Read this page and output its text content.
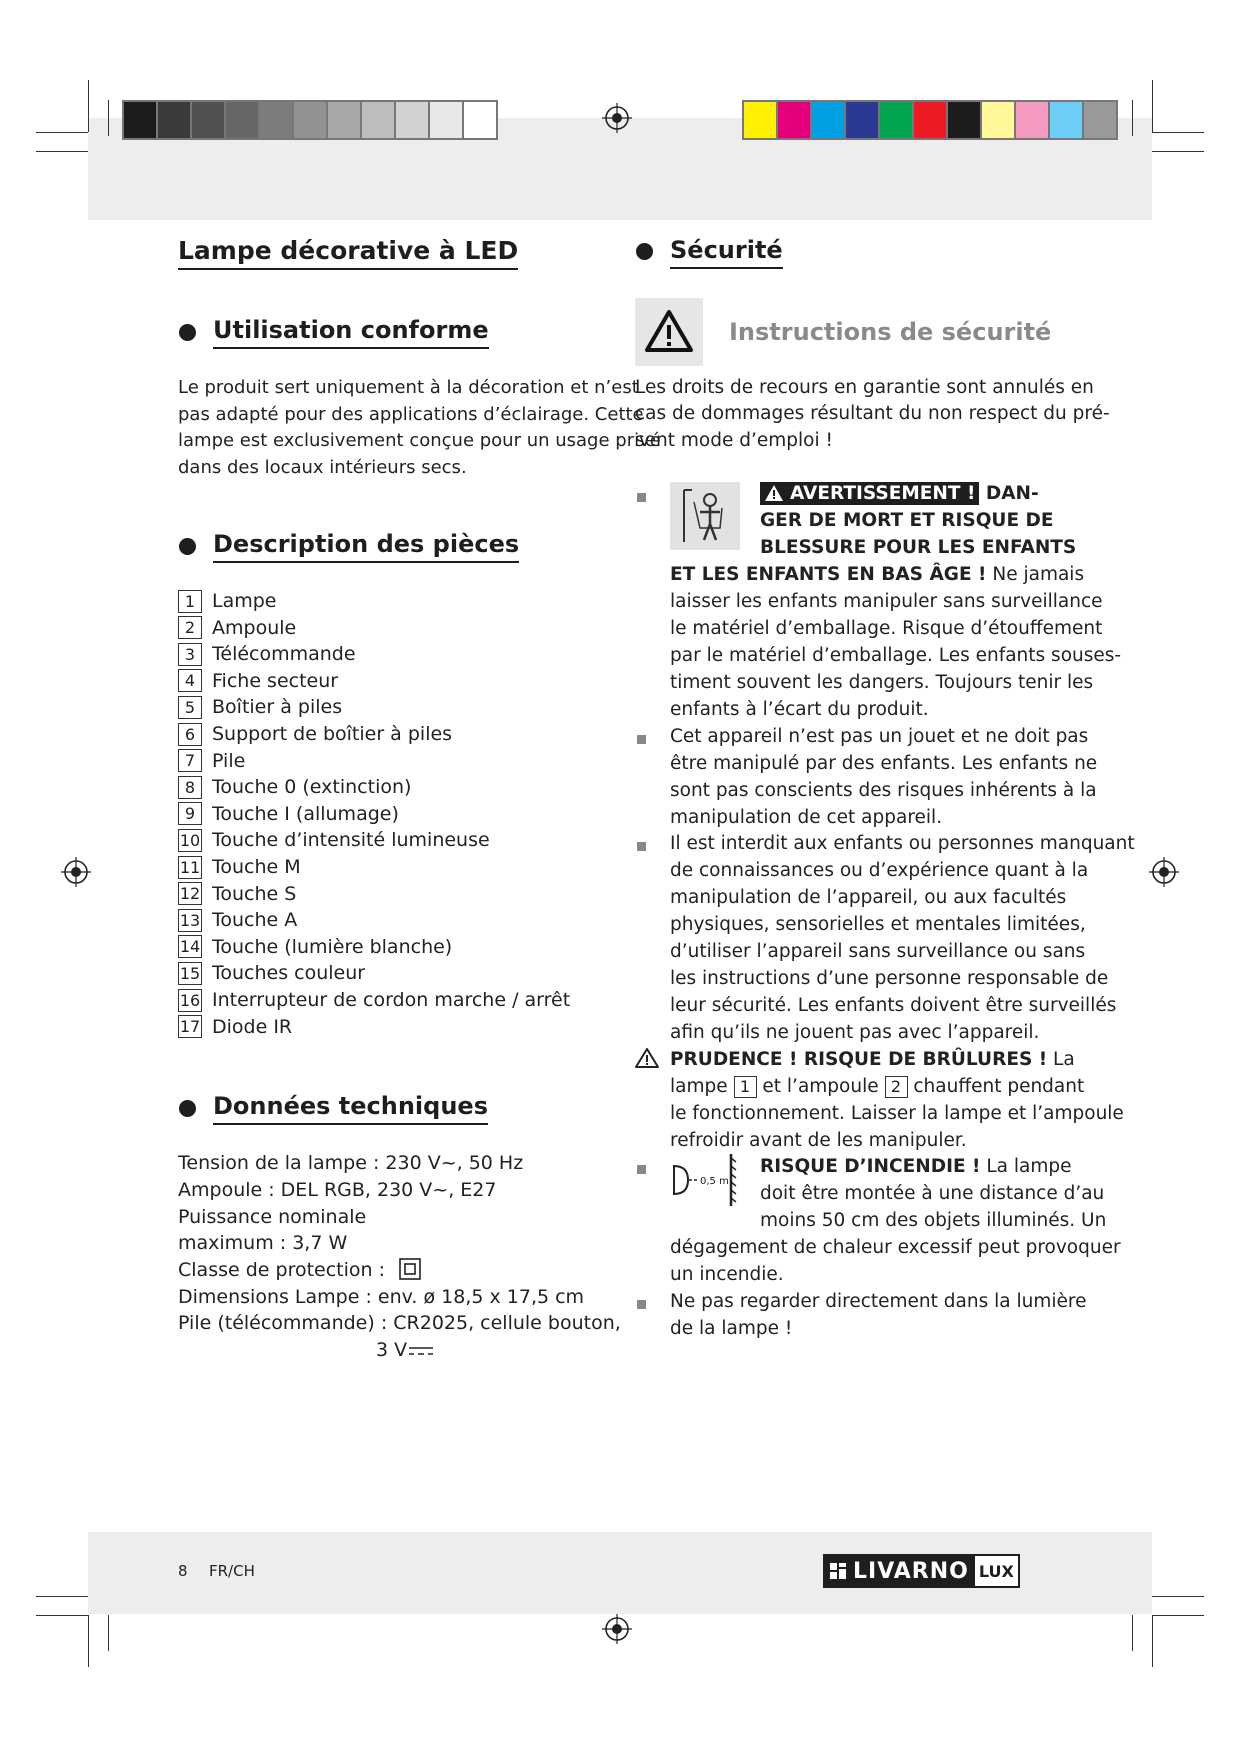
Lampe décorative à LED
Utilisation conforme
Le produit sert uniquement à la décoration et n’est
pas adapté pour des applications d’éclairage. Cette
lampe est exclusivement conçue pour un usage privé
dans des locaux intérieurs secs.
Description des pièces
1 Lampe
2 Ampoule
3 Télécommande
4 Fiche secteur
5 Boîtier à piles
6 Support de boîtier à piles
7 Pile
8 Touche 0 (extinction)
9 Touche I (allumage)
10 Touche d’intensité lumineuse
11 Touche M
12 Touche S
13 Touche A
14 Touche (lumière blanche)
15 Touches couleur
16 Interrupteur de cordon marche / arrêt
17 Diode IR
Données techniques
Tension de la lampe : 230 V~, 50 Hz
Ampoule : DEL RGB, 230 V~, E27
Puissance nominale
maximum : 3,7 W
Classe de protection :
Dimensions Lampe : env. ø 18,5 x 17,5 cm
Pile (télécommande) : CR2025, cellule bouton,
3 V
Sécurité
Instructions de sécurité
Les droits de recours en garantie sont annulés en
cas de dommages résultant du non respect du pré-
sent mode d’emploi !
AVERTISSEMENT ! DAN-
GER DE MORT ET RISQUE DE
BLESSURE POUR LES ENFANTS
ET LES ENFANTS EN BAS ÂGE ! Ne jamais
laisser les enfants manipuler sans surveillance
le matériel d’emballage. Risque d’étouffement
par le matériel d’emballage. Les enfants souses-
timent souvent les dangers. Toujours tenir les
enfants à l’écart du produit.
Cet appareil n’est pas un jouet et ne doit pas
être manipulé par des enfants. Les enfants ne
sont pas conscients des risques inhérents à la
manipulation de cet appareil.
Il est interdit aux enfants ou personnes manquant
de connaissances ou d’expérience quant à la
manipulation de l’appareil, ou aux facultés
physiques, sensorielles et mentales limitées,
d’utiliser l’appareil sans surveillance ou sans
les instructions d’une personne responsable de
leur sécurité. Les enfants doivent être surveillés
afin qu’ils ne jouent pas avec l’appareil.
PRUDENCE ! RISQUE DE BRÛLURES ! La
lampe 1 et l’ampoule 2 chauffent pendant
le fonctionnement. Laisser la lampe et l’ampoule
refroidir avant de les manipuler.
0,5 m
RISQUE D’INCENDIE ! La lampe
doit être montée à une distance d’au
moins 50 cm des objets illuminés. Un
dégagement de chaleur excessif peut provoquer
un incendie.
Ne pas regarder directement dans la lumière
de la lampe !
8 FR/CH	LIVARNO LUX
